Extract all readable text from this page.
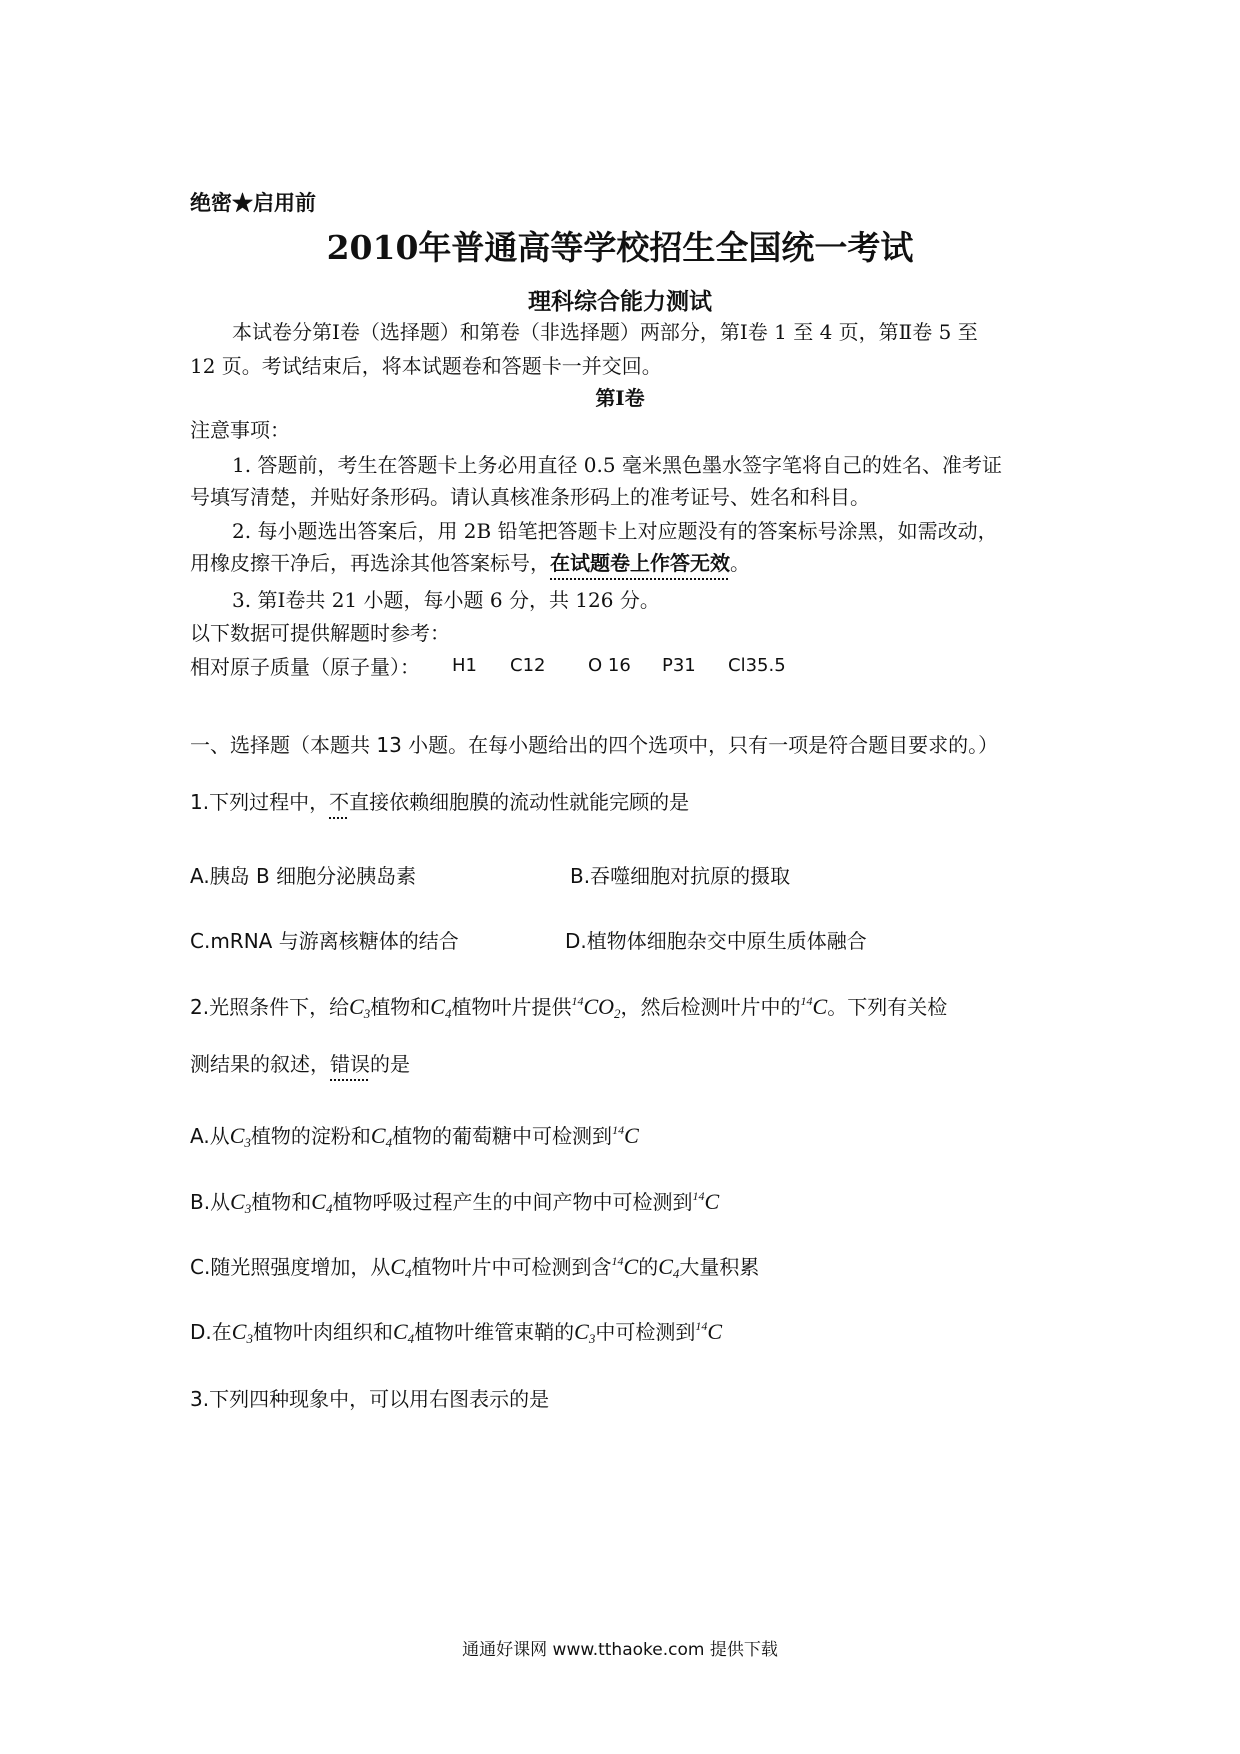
绝密★启用前
2010年普通高等学校招生全国统一考试
理科综合能力测试
本试卷分第Ⅰ卷（选择题）和第卷（非选择题）两部分，第Ⅰ卷 1 至 4 页，第Ⅱ卷 5 至
12 页。考试结束后，将本试题卷和答题卡一并交回。
第Ⅰ卷
注意事项：
1. 答题前，考生在答题卡上务必用直径 0.5 毫米黑色墨水签字笔将自己的姓名、准考证
号填写清楚，并贴好条形码。请认真核准条形码上的准考证号、姓名和科目。
2. 每小题选出答案后，用 2B 铅笔把答题卡上对应题没有的答案标号涂黑，如需改动，
用橡皮擦干净后，再选涂其他答案标号，在试题卷上作答无效。
3. 第Ⅰ卷共 21 小题，每小题 6 分，共 126 分。
以下数据可提供解题时参考：
相对原子质量（原子量）： H1 C12 O 16 P31 Cl35.5
一、选择题（本题共 13 小题。在每小题给出的四个选项中，只有一项是符合题目要求的。）
1.下列过程中，不直接依赖细胞膜的流动性就能完顾的是
A.胰岛 B 细胞分泌胰岛素	B.吞噬细胞对抗原的摄取
C.mRNA 与游离核糖体的结合	D.植物体细胞杂交中原生质体融合
2.光照条件下，给$C_3$植物和$C_4$植物叶片提供$^{14}CO_2$，然后检测叶片中的$^{14}$C。下列有关检
测结果的叙述，错误的是
A.从$C_3$植物的淀粉和$C_4$植物的葡萄糖中可检测到$^{14}$C
B.从$C_3$植物和$C_4$植物呼吸过程产生的中间产物中可检测到$^{14}$C
C.随光照强度增加，从$C_4$植物叶片中可检测到含$^{14}$C的$C_4$大量积累
D.在$C_3$植物叶肉组织和$C_4$植物叶维管束鞘的$C_3$中可检测到$^{14}$C
3.下列四种现象中，可以用右图表示的是
通通好课网 www.tthaoke.com 提供下载
